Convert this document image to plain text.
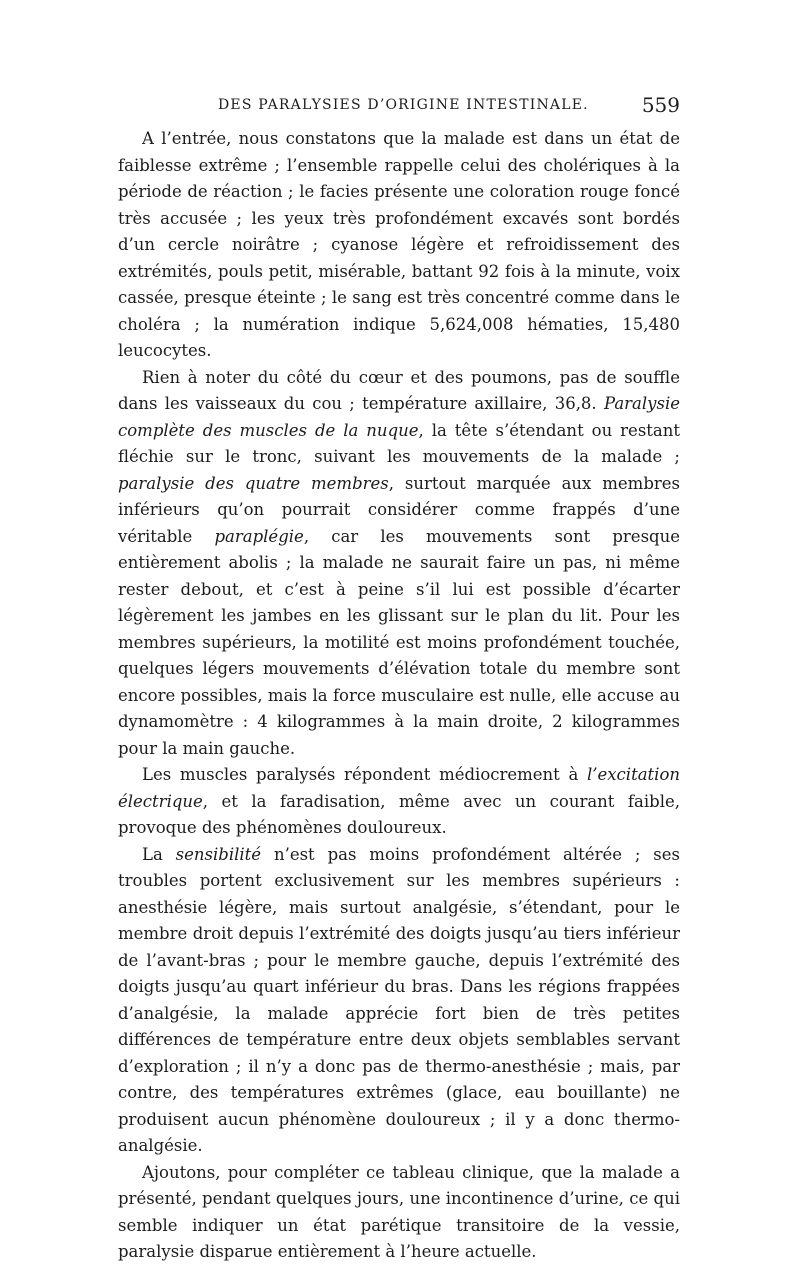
DES PARALYSIES D’ORIGINE INTESTINALE.	559

A l’entrée, nous constatons que la malade est dans un état de faiblesse extrême ; l’ensemble rappelle celui des cholériques à la période de réaction ; le facies présente une coloration rouge foncé très accusée ; les yeux très profondément excavés sont bordés d’un cercle noirâtre ; cyanose légère et refroidissement des extrémités, pouls petit, misérable, battant 92 fois à la minute, voix cassée, presque éteinte ; le sang est très concentré comme dans le choléra ; la numération indique 5,624,008 hématies, 15,480 leucocytes.

Rien à noter du côté du cœur et des poumons, pas de souffle dans les vaisseaux du cou ; température axillaire, 36,8. Paralysie complète des muscles de la nuque, la tête s’étendant ou restant fléchie sur le tronc, suivant les mouvements de la malade ; paralysie des quatre membres, surtout marquée aux membres inférieurs qu’on pourrait considérer comme frappés d’une véritable paraplégie, car les mouvements sont presque entièrement abolis ; la malade ne saurait faire un pas, ni même rester debout, et c’est à peine s’il lui est possible d’écarter légèrement les jambes en les glissant sur le plan du lit. Pour les membres supérieurs, la motilité est moins profondément touchée, quelques légers mouvements d’élévation totale du membre sont encore possibles, mais la force musculaire est nulle, elle accuse au dynamomètre : 4 kilogrammes à la main droite, 2 kilogrammes pour la main gauche.

Les muscles paralysés répondent médiocrement à l’excitation électrique, et la faradisation, même avec un courant faible, provoque des phénomènes douloureux.

La sensibilité n’est pas moins profondément altérée ; ses troubles portent exclusivement sur les membres supérieurs : anesthésie légère, mais surtout analgésie, s’étendant, pour le membre droit depuis l’extrémité des doigts jusqu’au tiers inférieur de l’avant-bras ; pour le membre gauche, depuis l’extrémité des doigts jusqu’au quart inférieur du bras. Dans les régions frappées d’analgésie, la malade apprécie fort bien de très petites différences de température entre deux objets semblables servant d’exploration ; il n’y a donc pas de thermo-anesthésie ; mais, par contre, des températures extrêmes (glace, eau bouillante) ne produisent aucun phénomène douloureux ; il y a donc thermo-analgésie.

Ajoutons, pour compléter ce tableau clinique, que la malade a présenté, pendant quelques jours, une incontinence d’urine, ce qui semble indiquer un état parétique transitoire de la vessie, paralysie disparue entièrement à l’heure actuelle.
